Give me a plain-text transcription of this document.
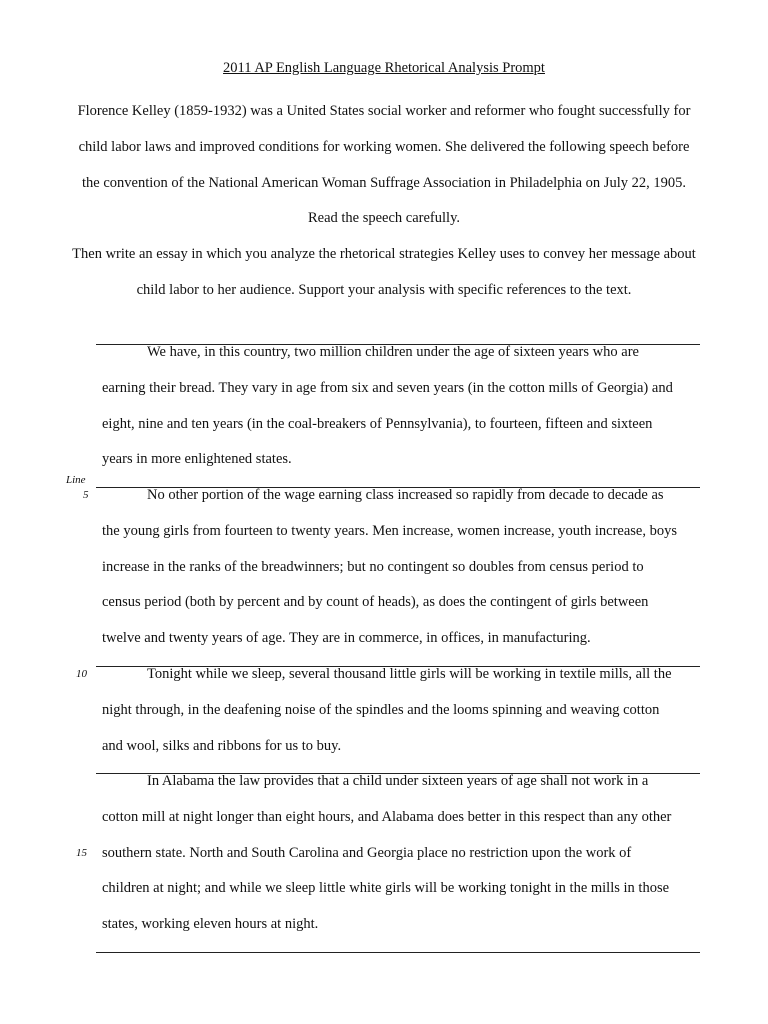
2011 AP English Language Rhetorical Analysis Prompt

Florence Kelley (1859-1932) was a United States social worker and reformer who fought successfully for

child labor laws and improved conditions for working women. She delivered the following speech before

the convention of the National American Woman Suffrage Association in Philadelphia on July 22, 1905.

Read the speech carefully.

Then write an essay in which you analyze the rhetorical strategies Kelley uses to convey her message about

child labor to her audience. Support your analysis with specific references to the text.

We have, in this country, two million children under the age of sixteen years who are
earning their bread. They vary in age from six and seven years (in the cotton mills of Georgia) and
eight, nine and ten years (in the coal-breakers of Pennsylvania), to fourteen, fifteen and sixteen
years in more enlightened states.
Line
5	No other portion of the wage earning class increased so rapidly from decade to decade as
the young girls from fourteen to twenty years. Men increase, women increase, youth increase, boys
increase in the ranks of the breadwinners; but no contingent so doubles from census period to
census period (both by percent and by count of heads), as does the contingent of girls between
twelve and twenty years of age. They are in commerce, in offices, in manufacturing.
10	Tonight while we sleep, several thousand little girls will be working in textile mills, all the
night through, in the deafening noise of the spindles and the looms spinning and weaving cotton
and wool, silks and ribbons for us to buy.
In Alabama the law provides that a child under sixteen years of age shall not work in a
cotton mill at night longer than eight hours, and Alabama does better in this respect than any other
southern state. North and South Carolina and Georgia place no restriction upon the work of
children at night; and while we sleep little white girls will be working tonight in the mills in those
states, working eleven hours at night.
15
